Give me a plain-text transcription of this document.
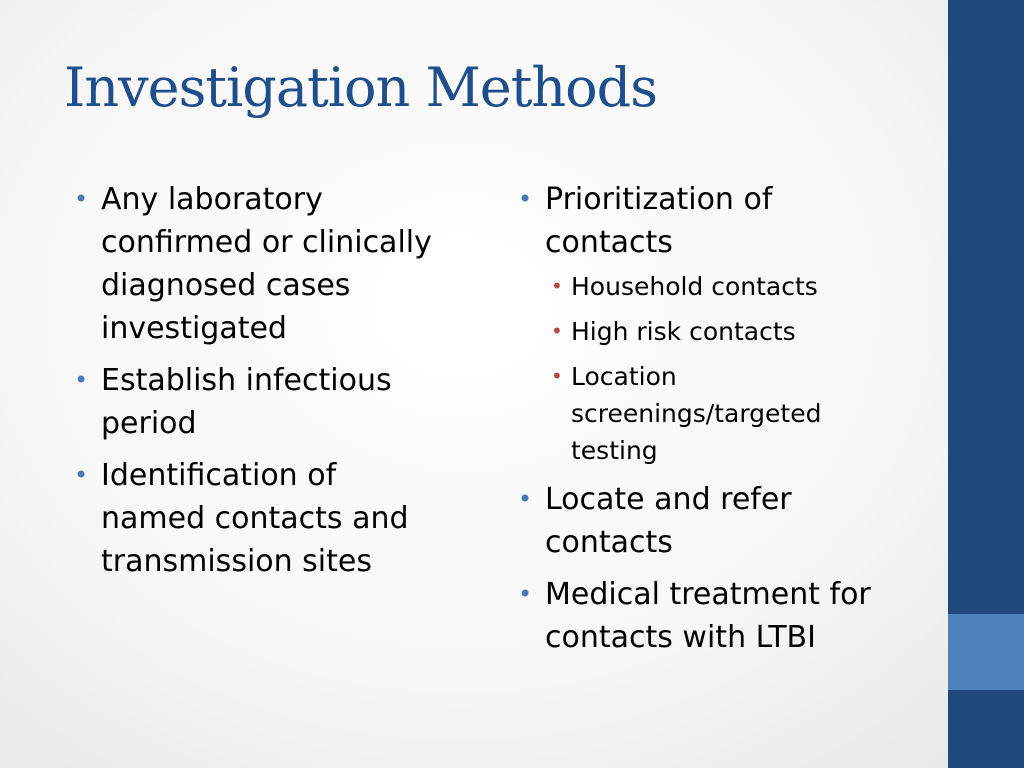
Investigation Methods
• Any laboratory confirmed or clinically diagnosed cases investigated
• Establish infectious period
• Identification of named contacts and transmission sites
• Prioritization of contacts
• Household contacts
• High risk contacts
• Location screenings/targeted testing
• Locate and refer contacts
• Medical treatment for contacts with LTBI
